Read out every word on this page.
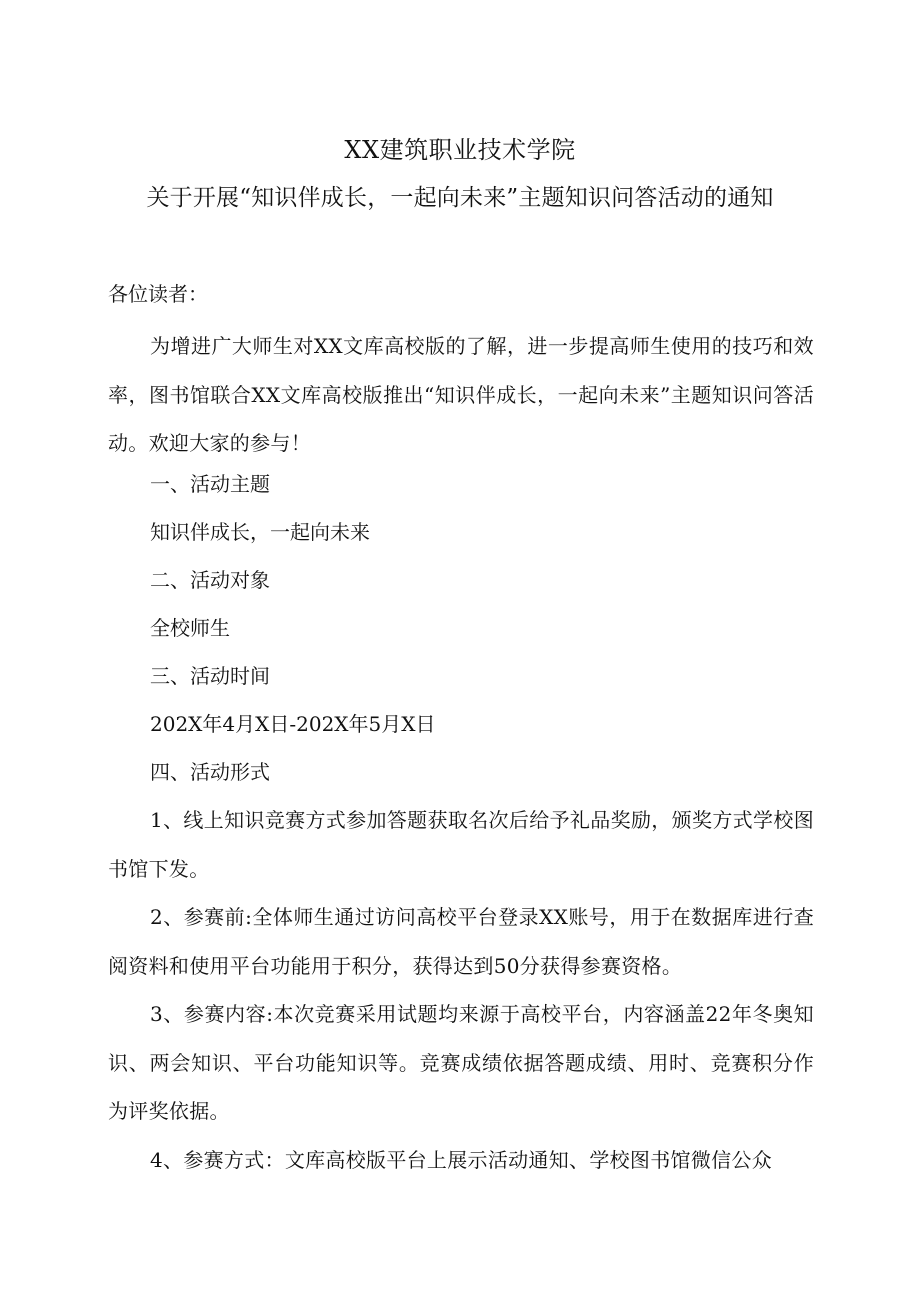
XX建筑职业技术学院
关于开展“知识伴成长，一起向未来”主题知识问答活动的通知
各位读者：
为增进广大师生对XX文库高校版的了解，进一步提高师生使用的技巧和效率，图书馆联合XX文库高校版推出“知识伴成长，一起向未来”主题知识问答活动。欢迎大家的参与！
一、活动主题
知识伴成长，一起向未来
二、活动对象
全校师生
三、活动时间
202X年4月X日-202X年5月X日
四、活动形式
1、线上知识竞赛方式参加答题获取名次后给予礼品奖励，颁奖方式学校图书馆下发。
2、参赛前:全体师生通过访问高校平台登录XX账号，用于在数据库进行查阅资料和使用平台功能用于积分，获得达到50分获得参赛资格。
3、参赛内容:本次竞赛采用试题均来源于高校平台，内容涵盖22年冬奥知识、两会知识、平台功能知识等。竞赛成绩依据答题成绩、用时、竞赛积分作为评奖依据。
4、参赛方式：文库高校版平台上展示活动通知、学校图书馆微信公众
